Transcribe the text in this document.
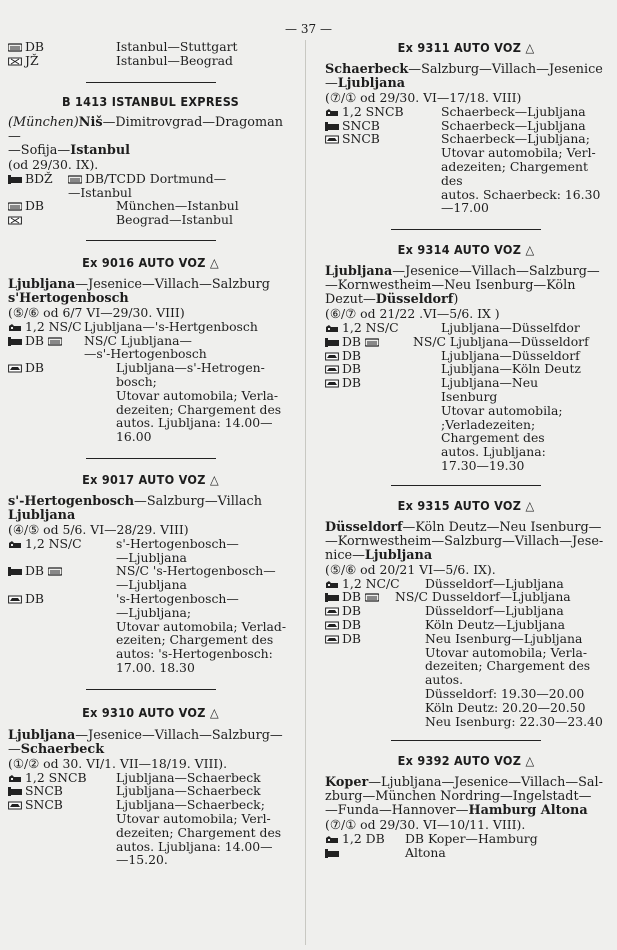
— 37 —
DB	Istanbul—Stuttgart
JŽ	Istanbul—Beograd

B 1413 ISTANBUL EXPRESS

(München)Niš—Dimitrovgrad—Dragoman—
—Sofija—Istanbul

(od 29/30. IX).

BDŽ	DB/TCDD Dortmund—
—Istanbul
DB	München—Istanbul
Beograd—Istanbul

Ex 9016 AUTO VOZ △

Ljubljana—Jesenice—Villach—Salzburg
s'Hertogenbosch

(⑤/⑥ od 6/7 VI—29/30. VIII)

1,2 NS/C Ljubljana—'s-Hertgenbosch
DB	NS/C Ljubljana—
—s'-Hertogenbosch
DB	Ljubljana—s'-Hetrogen-
bosch;
Utovar automobila; Verla-
dezeiten; Chargement des
autos. Ljubljana: 14.00—
16.00

Ex 9017 AUTO VOZ △

s'-Hertogenbosch—Salzburg—Villach
Ljubljana

(④/⑤ od 5/6. VI—28/29. VIII)

1,2 NS/C	s'-Hertogenbosch—
—Ljubljana
DB	NS/C 's-Hertogenbosch—
—Ljubljana
DB	's-Hertogenbosch—
—Ljubljana;
Utovar automobila; Verlad-
ezeiten; Chargement des
autos: 's-Hertogenbosch:
17.00. 18.30

Ex 9310 AUTO VOZ △

Ljubljana—Jesenice—Villach—Salzburg—
—Schaerbeck

(①/② od 30. VI/1. VII—18/19. VIII).

1,2 SNCB	Ljubljana—Schaerbeck
SNCB	Ljubljana—Schaerbeck
SNCB	Ljubljana—Schaerbeck;
Utovar automobila; Verl-
dezeiten; Chargement des
autos. Ljubljana: 14.00—
—15.20.

Ex 9311 AUTO VOZ △

Schaerbeck—Salzburg—Villach—Jesenice
—Ljubljana

(⑦/① od 29/30. VI—17/18. VIII)

1,2 SNCB	Schaerbeck—Ljubljana
SNCB	Schaerbeck—Ljubljana
SNCB	Schaerbeck—Ljubljana;
Utovar automobila; Verl-
adezeiten; Chargement des
autos. Schaerbeck: 16.30
—17.00

Ex 9314 AUTO VOZ △

Ljubljana—Jesenice—Villach—Salzburg—
—Kornwestheim—Neu Isenburg—Köln
Dezut—Düsseldorf)

(⑥/⑦ od 21/22 .VI—5/6. IX )

1,2 NS/C	Ljubljana—Düsselfdor
DB	NS/C Ljubljana—Düsseldorf
DB	Ljubljana—Düsseldorf
DB	Ljubljana—Köln Deutz
DB	Ljubljana—Neu
Isenburg
Utovar automobila;
;Verladezeiten;
Chargement des
autos. Ljubljana:
17.30—19.30

Ex 9315 AUTO VOZ △

Düsseldorf—Köln Deutz—Neu Isenburg—
—Kornwestheim—Salzburg—Villach—Jese-
nice—Ljubljana

(⑤/⑥ od 20/21 VI—5/6. IX).

1,2 NC/C	Düsseldorf—Ljubljana
DB	NS/C Dusseldorf—Ljubljana
DB	Düsseldorf—Ljubljana
DB	Köln Deutz—Ljubljana
DB	Neu Isenburg—Ljubljana
Utovar automobila; Verla-
dezeiten; Chargement des
autos.
Düsseldorf: 19.30—20.00
Köln Deutz: 20.20—20.50
Neu Isenburg: 22.30—23.40

Ex 9392 AUTO VOZ △

Koper—Ljubljana—Jesenice—Villach—Sal-
zburg—München Nordring—Ingelstadt—
—Funda—Hannover—Hamburg Altona

(⑦/① od 29/30. VI—10/11. VIII).

1,2 DB	DB Koper—Hamburg
Altona
